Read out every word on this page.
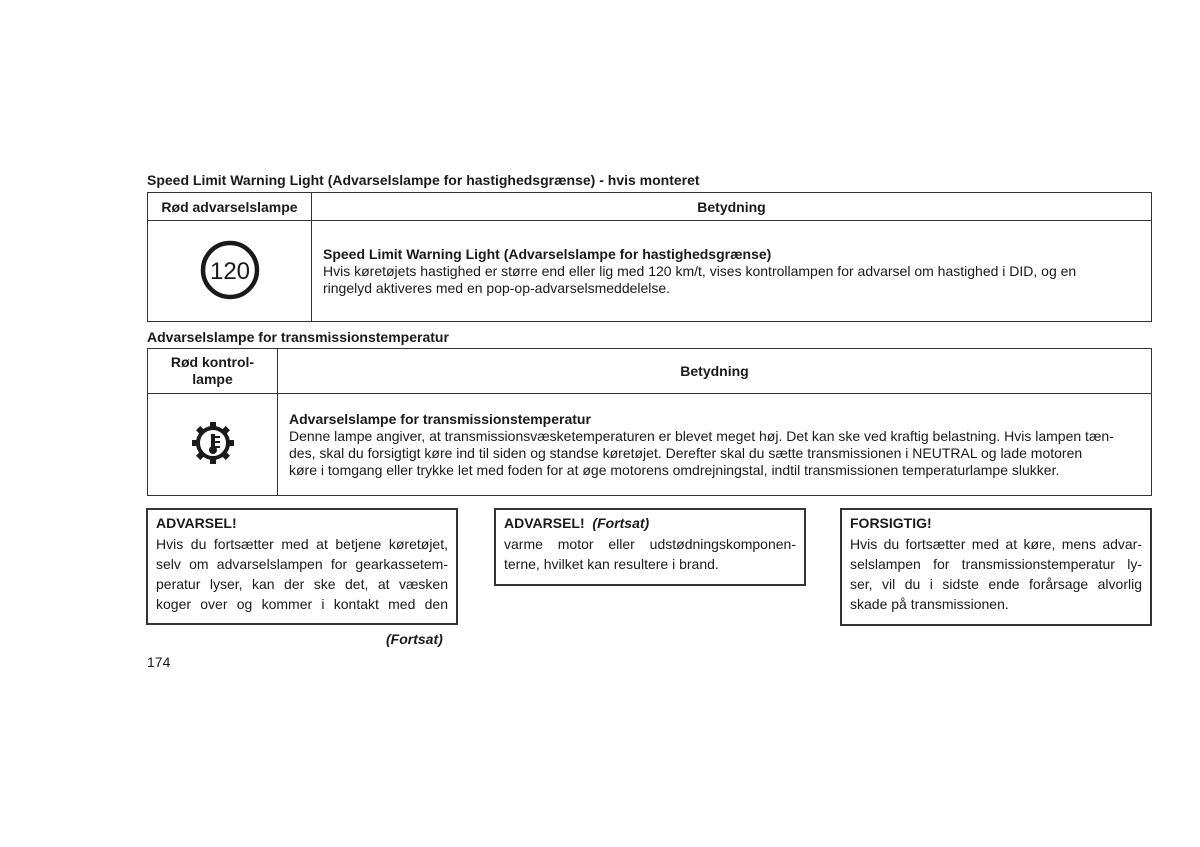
Speed Limit Warning Light (Advarselslampe for hastighedsgrænse) - hvis monteret
Rød advarselslampe	Betydning

120	Speed Limit Warning Light (Advarselslampe for hastighedsgrænse)
Hvis køretøjets hastighed er større end eller lig med 120 km/t, vises kontrollampen for advarsel om hastighed i DID, og en
ringelyd aktiveres med en pop-op-advarselsmeddelelse.
Advarselslampe for transmissionstemperatur
Rød kontrol-
lampe	Betydning

Advarselslampe for transmissionstemperatur
Denne lampe angiver, at transmissionsvæsketemperaturen er blevet meget høj. Det kan ske ved kraftig belastning. Hvis lampen tæn-
des, skal du forsigtigt køre ind til siden og standse køretøjet. Derefter skal du sætte transmissionen i NEUTRAL og lade motoren
køre i tomgang eller trykke let med foden for at øge motorens omdrejningstal, indtil transmissionen temperaturlampe slukker.
ADVARSEL!
Hvis du fortsætter med at betjene køretøjet,
selv om advarselslampen for gearkassetem-
peratur lyser, kan der ske det, at væsken
koger over og kommer i kontakt med den
(Fortsat)
ADVARSEL! (Fortsat)
varme motor eller udstødningskomponen-
terne, hvilket kan resultere i brand.
FORSIGTIG!
Hvis du fortsætter med at køre, mens advar-
selslampen for transmissionstemperatur ly-
ser, vil du i sidste ende forårsage alvorlig
skade på transmissionen.
174
